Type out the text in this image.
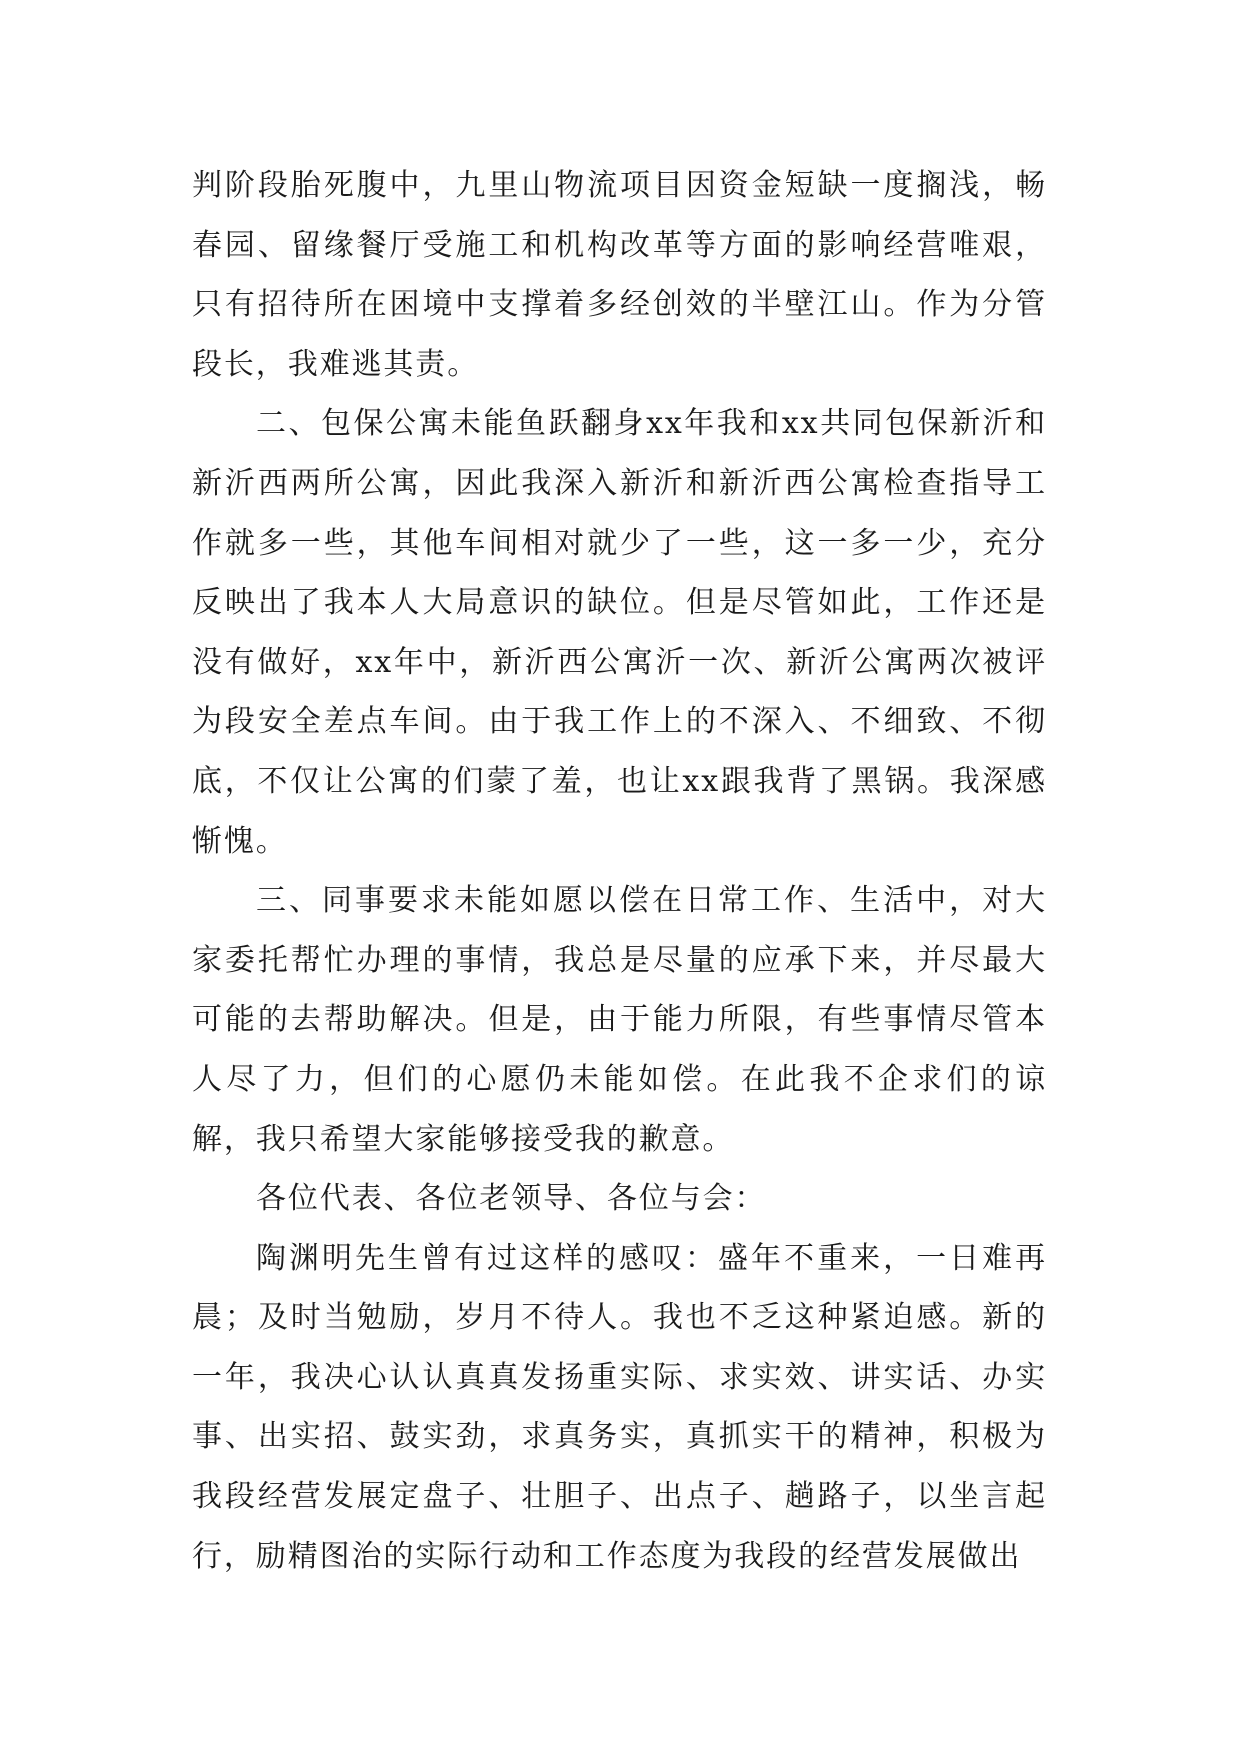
判阶段胎死腹中，九里山物流项目因资金短缺一度搁浅，畅春园、留缘餐厅受施工和机构改革等方面的影响经营唯艰，只有招待所在困境中支撑着多经创效的半壁江山。作为分管段长，我难逃其责。

二、包保公寓未能鱼跃翻身xx年我和xx共同包保新沂和新沂西两所公寓，因此我深入新沂和新沂西公寓检查指导工作就多一些，其他车间相对就少了一些，这一多一少，充分反映出了我本人大局意识的缺位。但是尽管如此，工作还是没有做好，xx年中，新沂西公寓沂一次、新沂公寓两次被评为段安全差点车间。由于我工作上的不深入、不细致、不彻底，不仅让公寓的们蒙了羞，也让xx跟我背了黑锅。我深感惭愧。

三、同事要求未能如愿以偿在日常工作、生活中，对大家委托帮忙办理的事情，我总是尽量的应承下来，并尽最大可能的去帮助解决。但是，由于能力所限，有些事情尽管本人尽了力，但们的心愿仍未能如偿。在此我不企求们的谅解，我只希望大家能够接受我的歉意。

各位代表、各位老领导、各位与会：

陶渊明先生曾有过这样的感叹：盛年不重来，一日难再晨；及时当勉励，岁月不待人。我也不乏这种紧迫感。新的一年，我决心认认真真发扬重实际、求实效、讲实话、办实事、出实招、鼓实劲，求真务实，真抓实干的精神，积极为我段经营发展定盘子、壮胆子、出点子、趟路子，以坐言起行，励精图治的实际行动和工作态度为我段的经营发展做出
